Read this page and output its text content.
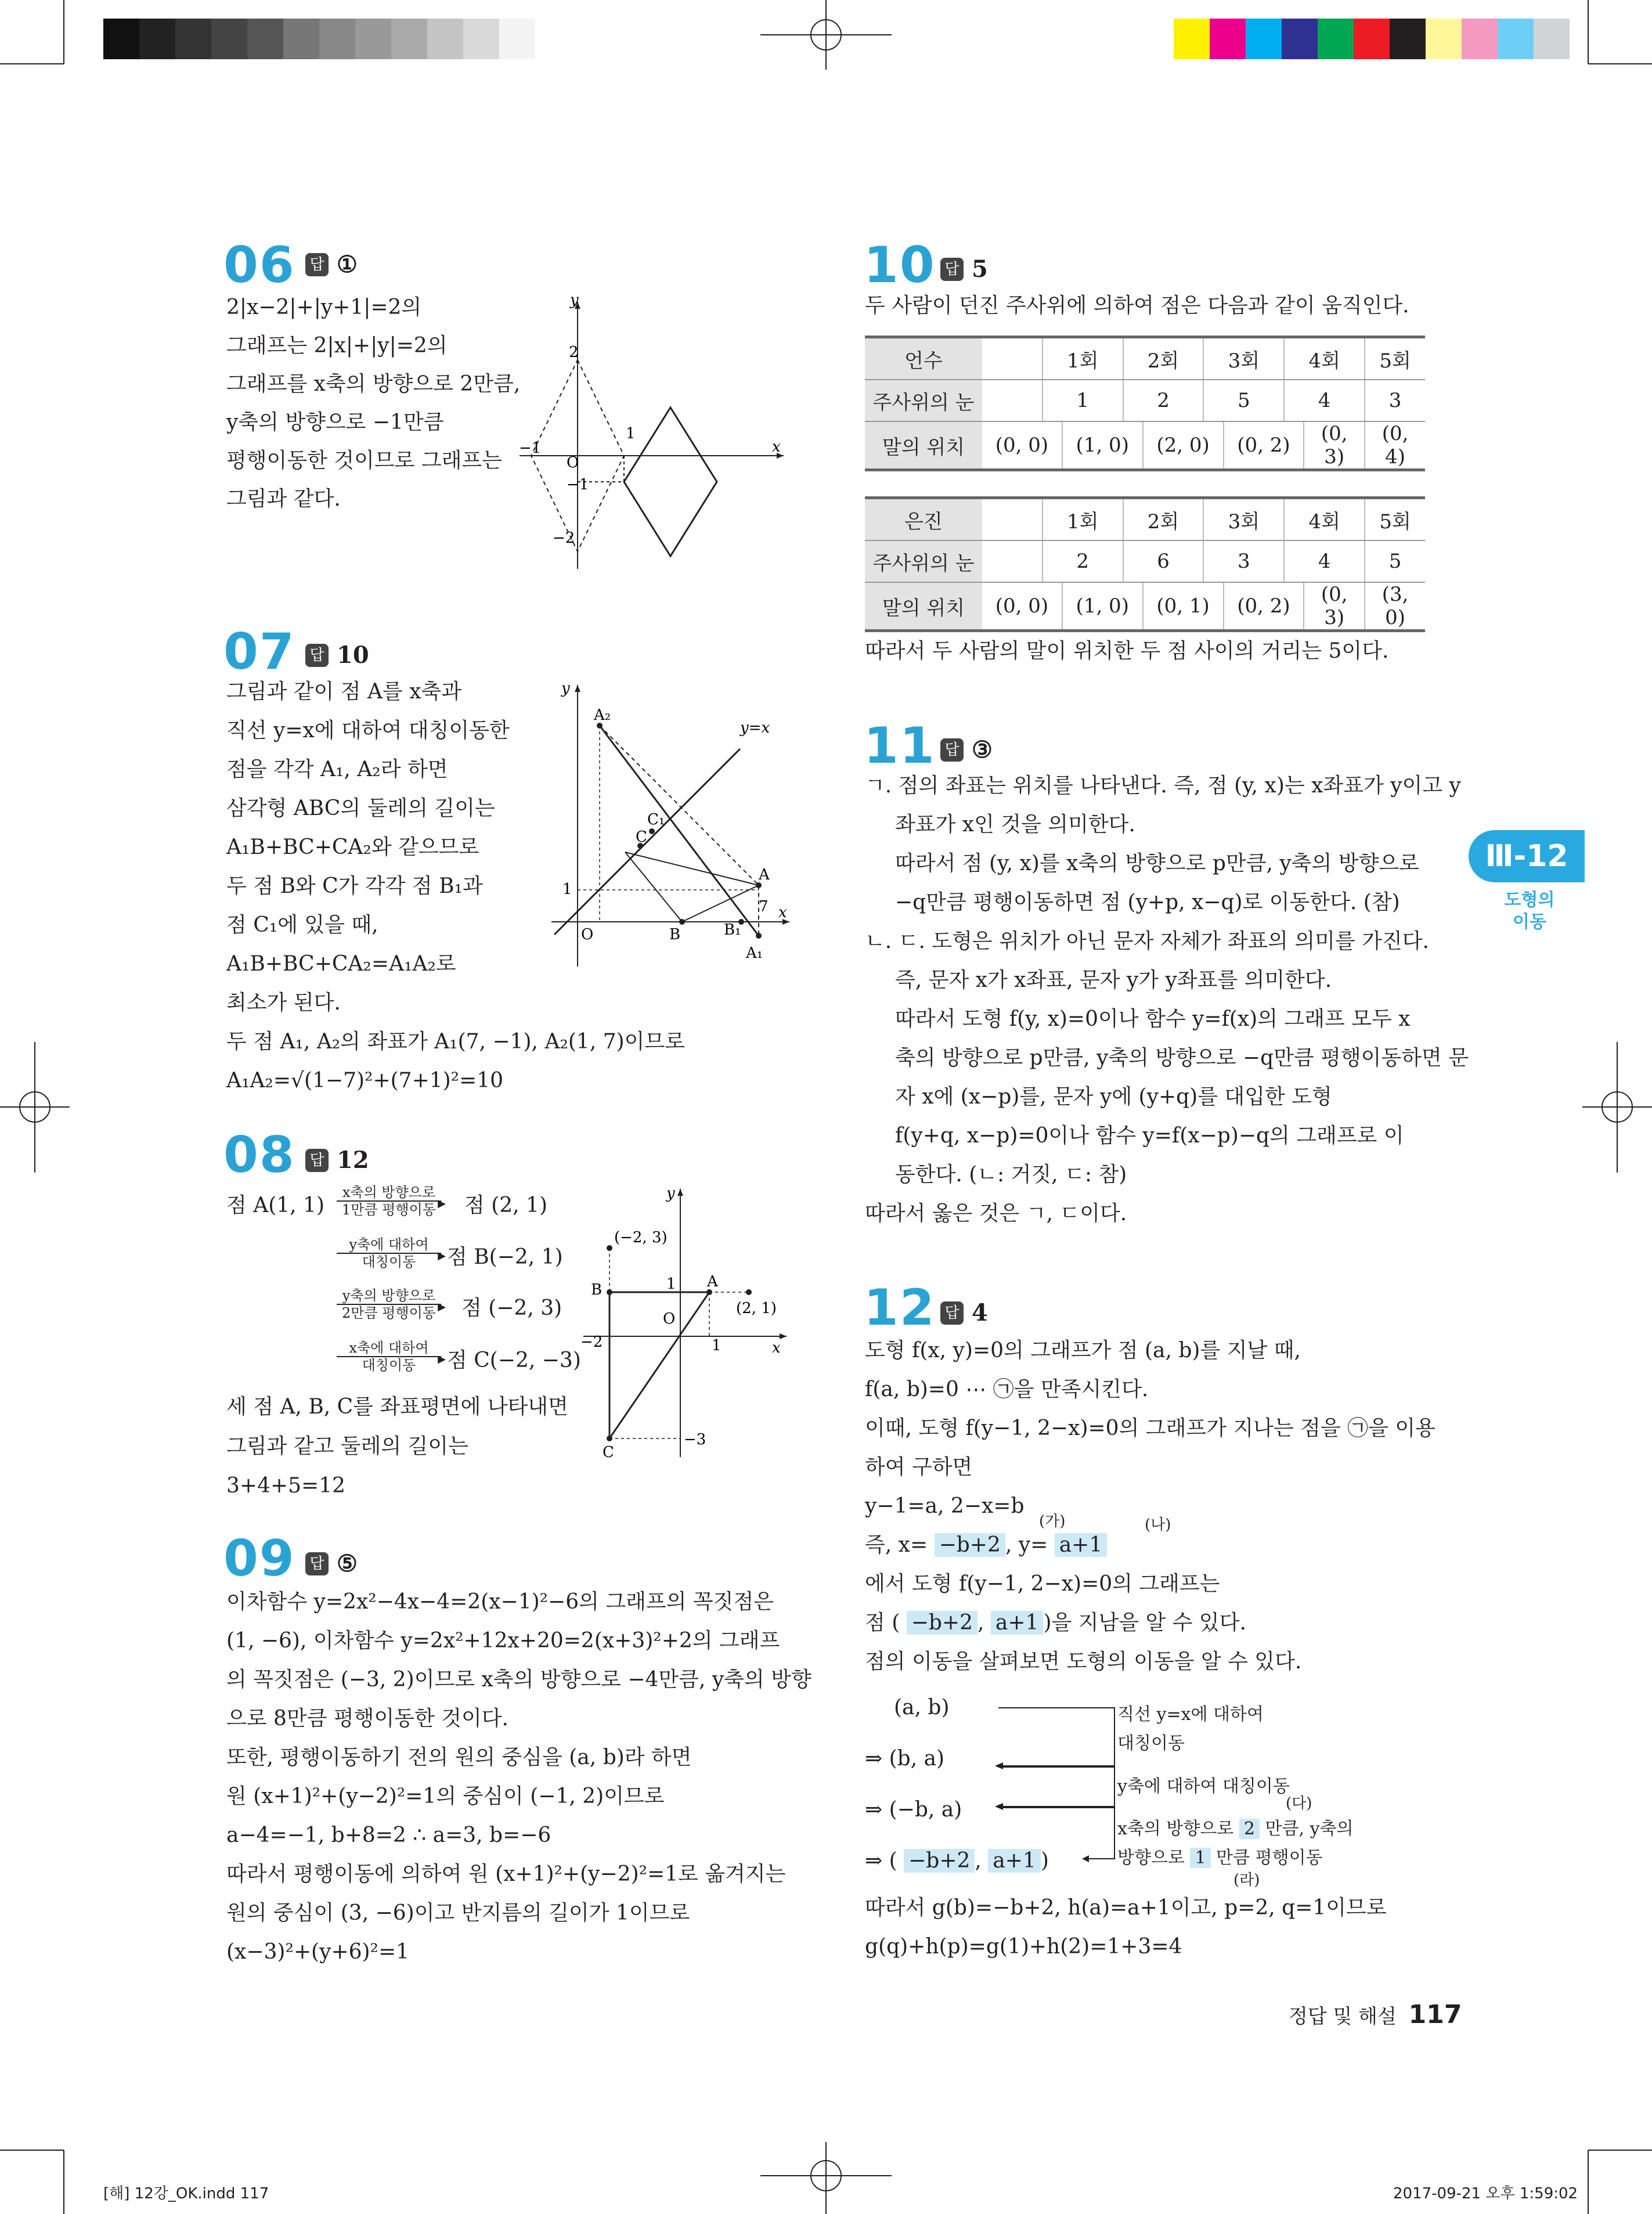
Ⅲ-12
도형의
이동
06 답 ①
2|x−2|+|y+1|=2의
그래프는 2|x|+|y|=2의
그래프를 x축의 방향으로 2만큼,
y축의 방향으로 −1만큼
평행이동한 것이므로 그래프는
그림과 같다.
y
x
2
−1
O
1
−1
−2
07 답 10
그림과 같이 점 A를 x축과
직선 y=x에 대하여 대칭이동한
점을 각각 A₁, A₂라 하면
삼각형 ABC의 둘레의 길이는
A₁B+BC+CA₂와 같으므로
두 점 B와 C가 각각 점 B₁과
점 C₁에 있을 때,
A₁B+BC+CA₂=A₁A₂로
최소가 된다.
두 점 A₁, A₂의 좌표가 A₁(7, −1), A₂(1, 7)이므로
A₁A₂=√(1−7)²+(7+1)²=10
y
x
A₂
y=x
C₁
C
A
1
7
O	B	B₁
A₁
08 답 12
점 A(1, 1)
x축의 방향으로
▶
1만큼 평행이동 점 (2, 1)
y축에 대하여
▶
대칭이동	점 B(−2, 1)
y축의 방향으로
▶
2만큼 평행이동 점 (−2, 3)
x축에 대하여
▶
대칭이동	점 C(−2, −3)
세 점 A, B, C를 좌표평면에 나타내면
그림과 같고 둘레의 길이는
3+4+5=12
y
x
(−2, 3)
B	1 A
(2, 1)
O
−2	1
−3
C
09 답 ⑤
이차함수 y=2x²−4x−4=2(x−1)²−6의 그래프의 꼭짓점은
(1, −6), 이차함수 y=2x²+12x+20=2(x+3)²+2의 그래프
의 꼭짓점은 (−3, 2)이므로 x축의 방향으로 −4만큼, y축의 방향
으로 8만큼 평행이동한 것이다.
또한, 평행이동하기 전의 원의 중심을 (a, b)라 하면
원 (x+1)²+(y−2)²=1의 중심이 (−1, 2)이므로
a−4=−1, b+8=2 ∴ a=3, b=−6
따라서 평행이동에 의하여 원 (x+1)²+(y−2)²=1로 옮겨지는
원의 중심이 (3, −6)이고 반지름의 길이가 1이므로
(x−3)²+(y+6)²=1
10 답 5
두 사람이 던진 주사위에 의하여 점은 다음과 같이 움직인다.
언수		1회		2회		3회		4회		5회
주사위의 눈		1		2		5		4		3
말의 위치	(0, 0)		(1, 0)		(2, 0)		(0, 2)		(0, 3)	(0, 4)
은진		1회		2회		3회		4회		5회
주사위의 눈		2		6		3		4		5
말의 위치	(0, 0)		(1, 0)		(0, 1)		(0, 2)		(0, 3)	(3, 0)
따라서 두 사람의 말이 위치한 두 점 사이의 거리는 5이다.
11 답 ③
ㄱ. 점의 좌표는 위치를 나타낸다. 즉, 점 (y, x)는 x좌표가 y이고 y
좌표가 x인 것을 의미한다.
따라서 점 (y, x)를 x축의 방향으로 p만큼, y축의 방향으로
−q만큼 평행이동하면 점 (y+p, x−q)로 이동한다. (참)
ㄴ. ㄷ. 도형은 위치가 아닌 문자 자체가 좌표의 의미를 가진다.
즉, 문자 x가 x좌표, 문자 y가 y좌표를 의미한다.
따라서 도형 f(y, x)=0이나 함수 y=f(x)의 그래프 모두 x
축의 방향으로 p만큼, y축의 방향으로 −q만큼 평행이동하면 문
자 x에 (x−p)를, 문자 y에 (y+q)를 대입한 도형
f(y+q, x−p)=0이나 함수 y=f(x−p)−q의 그래프로 이
동한다. (ㄴ: 거짓, ㄷ: 참)
따라서 옳은 것은 ㄱ, ㄷ이다.
12 답 4
도형 f(x, y)=0의 그래프가 점 (a, b)를 지날 때,
f(a, b)=0 ⋯ ㉠을 만족시킨다.
이때, 도형 f(y−1, 2−x)=0의 그래프가 지나는 점을 ㉠을 이용
하여 구하면
y−1=a, 2−x=b
(가)	(나)
즉, x= −b+2 , y= a+1
에서 도형 f(y−1, 2−x)=0의 그래프는
점 ( −b+2 , a+1 )을 지남을 알 수 있다.
점의 이동을 살펴보면 도형의 이동을 알 수 있다.
(a, b)
⇒ (b, a)
⇒ (−b, a)
⇒ ( −b+2 , a+1 )
직선 y=x에 대하여
대칭이동
y축에 대하여 대칭이동
(다)
x축의 방향으로 2 만큼, y축의
방향으로 1 만큼 평행이동
(라)
따라서 g(b)=−b+2, h(a)=a+1이고, p=2, q=1이므로
g(q)+h(p)=g(1)+h(2)=1+3=4
정답 및 해설 117
[해] 12강_OK.indd 117	2017-09-21 오후 1:59:02
